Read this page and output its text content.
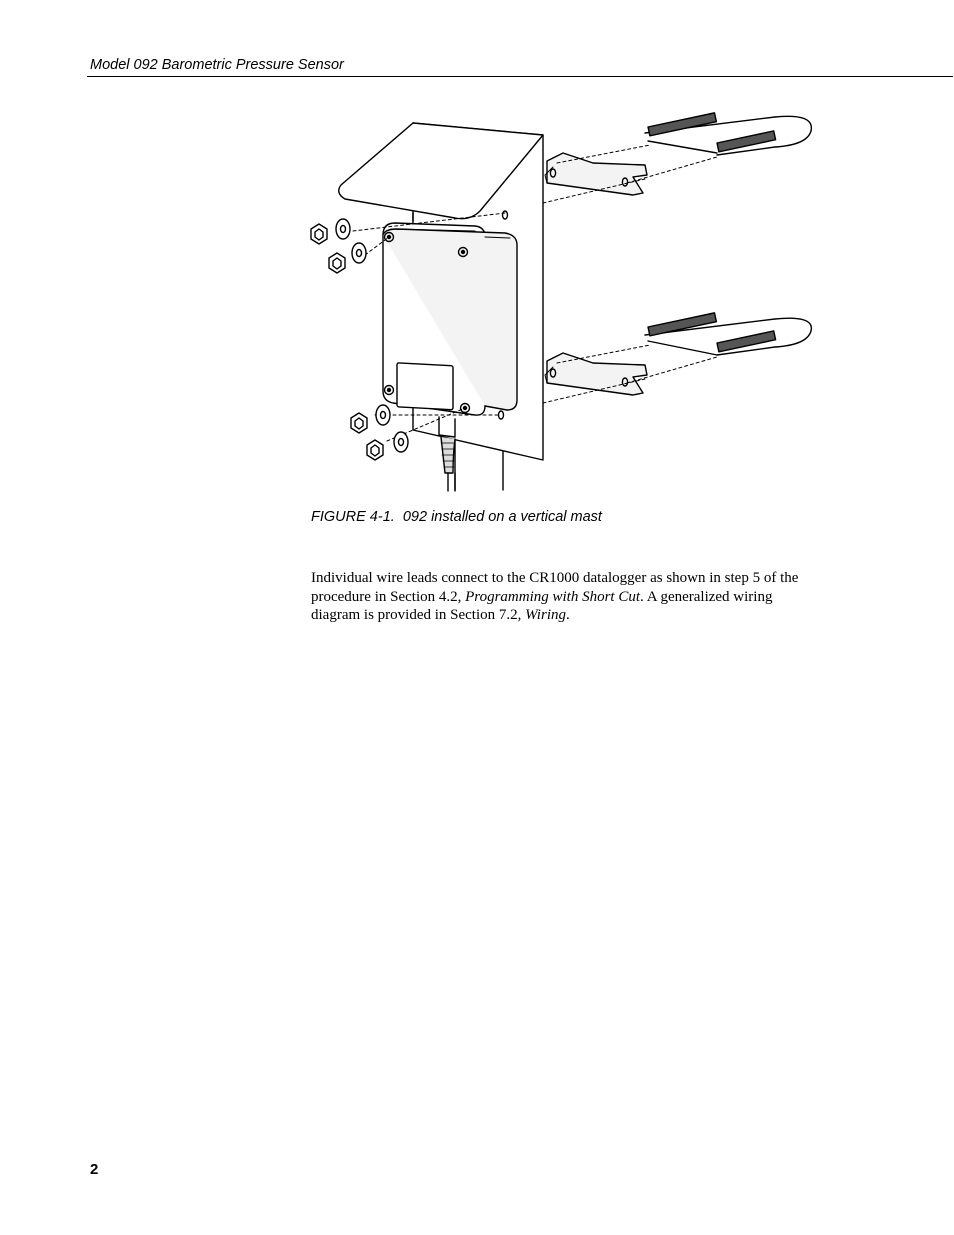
Model 092 Barometric Pressure Sensor
FIGURE 4-1.  092 installed on a vertical mast

Individual wire leads connect to the CR1000 datalogger as shown in step 5 of the procedure in Section 4.2, Programming with Short Cut. A generalized wiring diagram is provided in Section 7.2, Wiring.

2
